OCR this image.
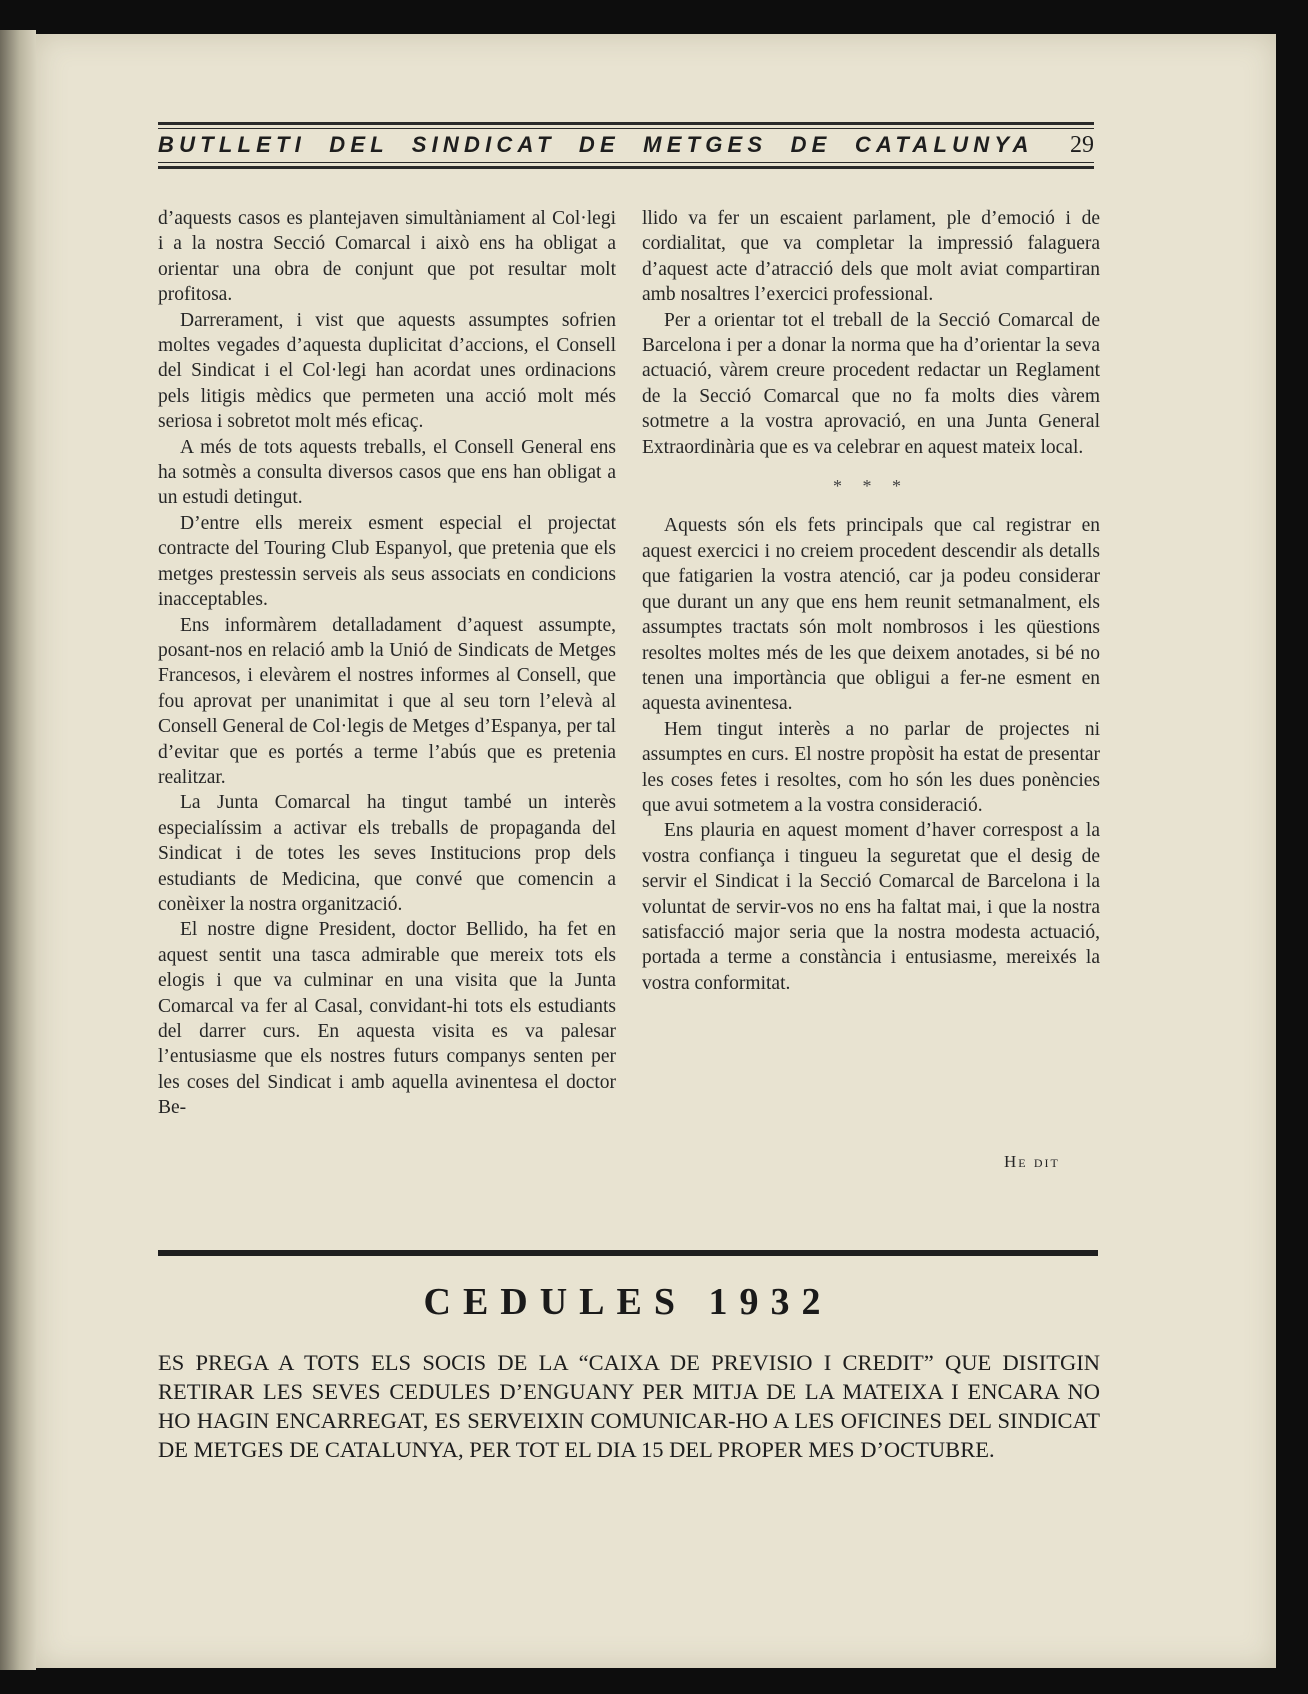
BUTLLETI DEL SINDICAT DE METGES DE CATALUNYA 29

d’aquests casos es plantejaven simultàniament al Col·legi i a la nostra Secció Comarcal i això ens ha obligat a orientar una obra de conjunt que pot resultar molt profitosa.

Darrerament, i vist que aquests assumptes sofrien moltes vegades d’aquesta duplicitat d’accions, el Consell del Sindicat i el Col·legi han acordat unes ordinacions pels litigis mèdics que permeten una acció molt més seriosa i sobretot molt més eficaç.

A més de tots aquests treballs, el Consell General ens ha sotmès a consulta diversos casos que ens han obligat a un estudi detingut.

D’entre ells mereix esment especial el projectat contracte del Touring Club Espanyol, que pretenia que els metges prestessin serveis als seus associats en condicions inacceptables.

Ens informàrem detalladament d’aquest assumpte, posant-nos en relació amb la Unió de Sindicats de Metges Francesos, i elevàrem el nostres informes al Consell, que fou aprovat per unanimitat i que al seu torn l’elevà al Consell General de Col·legis de Metges d’Espanya, per tal d’evitar que es portés a terme l’abús que es pretenia realitzar.

La Junta Comarcal ha tingut també un interès especialíssim a activar els treballs de propaganda del Sindicat i de totes les seves Institucions prop dels estudiants de Medicina, que convé que comencin a conèixer la nostra organització.

El nostre digne President, doctor Bellido, ha fet en aquest sentit una tasca admirable que mereix tots els elogis i que va culminar en una visita que la Junta Comarcal va fer al Casal, convidant-hi tots els estudiants del darrer curs. En aquesta visita es va palesar l’entusiasme que els nostres futurs companys senten per les coses del Sindicat i amb aquella avinentesa el doctor Be-

llido va fer un escaient parlament, ple d’emoció i de cordialitat, que va completar la impressió falaguera d’aquest acte d’atracció dels que molt aviat compartiran amb nosaltres l’exercici professional.

Per a orientar tot el treball de la Secció Comarcal de Barcelona i per a donar la norma que ha d’orientar la seva actuació, vàrem creure procedent redactar un Reglament de la Secció Comarcal que no fa molts dies vàrem sotmetre a la vostra aprovació, en una Junta General Extraordinària que es va celebrar en aquest mateix local.

* * *

Aquests són els fets principals que cal registrar en aquest exercici i no creiem procedent descendir als detalls que fatigarien la vostra atenció, car ja podeu considerar que durant un any que ens hem reunit setmanalment, els assumptes tractats són molt nombrosos i les qüestions resoltes moltes més de les que deixem anotades, si bé no tenen una importància que obligui a fer-ne esment en aquesta avinentesa.

Hem tingut interès a no parlar de projectes ni assumptes en curs. El nostre propòsit ha estat de presentar les coses fetes i resoltes, com ho són les dues ponències que avui sotmetem a la vostra consideració.

Ens plauria en aquest moment d’haver correspost a la vostra confiança i tingueu la seguretat que el desig de servir el Sindicat i la Secció Comarcal de Barcelona i la voluntat de servir-vos no ens ha faltat mai, i que la nostra satisfacció major seria que la nostra modesta actuació, portada a terme a constància i entusiasme, mereixés la vostra conformitat.

He dit
CEDULES 1932
ES PREGA A TOTS ELS SOCIS DE LA “CAIXA DE PREVISIO I CREDIT” QUE DISITGIN RETIRAR LES SEVES CEDULES D’ENGUANY PER MITJA DE LA MATEIXA I ENCARA NO HO HAGIN ENCARREGAT, ES SERVEIXIN COMUNICAR-HO A LES OFICINES DEL SINDICAT DE METGES DE CATALUNYA, PER TOT EL DIA 15 DEL PROPER MES D’OCTUBRE.
